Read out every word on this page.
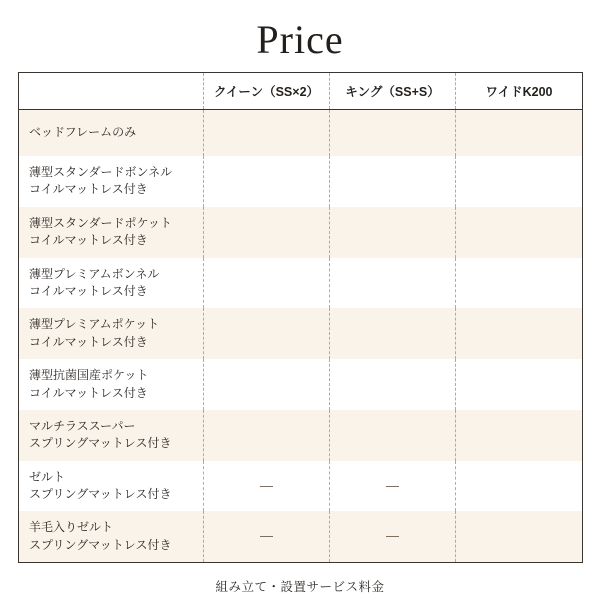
Price
	クイーン（SS×2）	キング（SS+S）	ワイドK200

ベッドフレームのみ			

薄型スタンダードボンネル
コイルマットレス付き			

薄型スタンダードポケット
コイルマットレス付き			

薄型プレミアムボンネル
コイルマットレス付き			

薄型プレミアムポケット
コイルマットレス付き			

薄型抗菌国産ポケット
コイルマットレス付き			

マルチラススーパー
スプリングマットレス付き			

ゼルト
スプリングマットレス付き	—	—	

羊毛入りゼルト
スプリングマットレス付き	—	—	
組み立て・設置サービス料金
